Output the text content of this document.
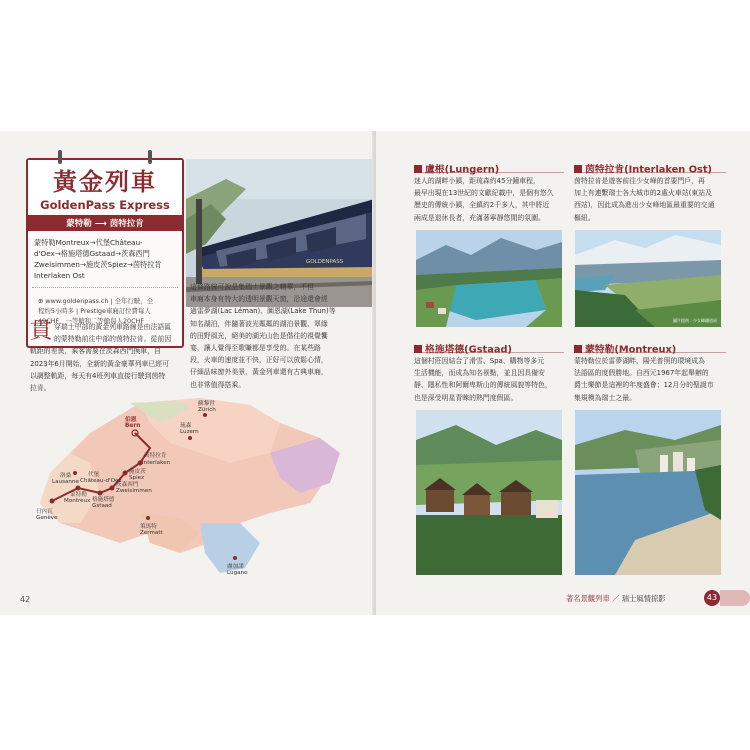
黃金列車
GoldenPass Express
蒙特勒 ⟶ 茵特拉肯
蒙特勒Montreux→代堡Château-
d'Oex→格施塔德Gstaad→茨森西門
Zweisimmen→施皮茨Spiez→茵特拉肯
Interlaken Ost
⊕ www.goldenpass.ch | 全年行駛，全
程約5小時多 | Prestige車廂訂位費每人
49CHF，一等艙和二等艙每人20CHF
GOLDENPASS
這條路線可說是集瑞士景觀之精華，不但
車廂本身有特大的透明景觀天窗，沿途還會經
過雷夢湖(Lac Léman)、圖恩湖(Lake Thun)等
知名湖泊，伴隨著波光粼粼的湖泊景觀、翠綠
的田野風光，絕美的湖光山色是偕往的視覺饗
宴，讓人覺得至歌賺都是享受的。在某些路
段，火車的速度並不快，正好可以放鬆心情，
仔細品味窗外美景，黃金列車還有古典車廂，
也非常值得搭乘。
貫 穿瑞士中部的黃金列車路線是由法語區
的蒙特勒前往中部的茵特拉肯。從前因
軌距的差異，乘客需要在茨森西門換車，自
2023年6月開始，全新的黃金豪華列車已經可
以調整軌距，每天有4班列車直接行駛到茵特
拉肯。
蘇黎世
Zürich
琉森
Luzern
伯恩
Bern
茵特拉肯
Interlaken
施皮茨
Spiez
茨森西門
Zweisimmen
格施塔德
Gstaad
代堡
Château-d'Oex
洛桑
Lausanne
蒙特勒
Montreux
日內瓦
Genève
策馬特
Zermatt
盧加諾
Lugano
42
盧根(Lungern)
迷人的湖畔小鎮，距琉森約45分鐘車程，
最早出現在13世紀的文獻紀載中，是個有悠久
歷史的傳統小鎮，全鎮約2千多人，其中將近
兩成是退休長者，充滿著寧靜悠閒的氛圍。
茵特拉肯(Interlaken Ost)
茵特拉肯是遊客前往少女峰的首要門戶，再
加上有連繫瑞士各大城市的2處火車站(東站及
西站)，因此成為進出少女峰地區最重要的交通
樞紐。
圖片提供：少女峰鐵道局
格施塔德(Gstaad)
這個村莊因結合了滑雪、Spa、購物等多元
生活機能，而成為知名景點，並且因具備安
靜、隱私性和阿爾卑斯山的傳統風貌等特色，
也是深受明星青睞的熱門度假區。
蒙特勒(Montreux)
蒙特勒位於雷夢湖畔，陽光普照的環境成為
法語區的度假勝地。自西元1967年起舉辦的
爵士樂節是這裡的年度盛會；12月分的聖誕市
集規模為瑞士之最。
著名景觀列車 ／ 瑞士風情掠影	43
